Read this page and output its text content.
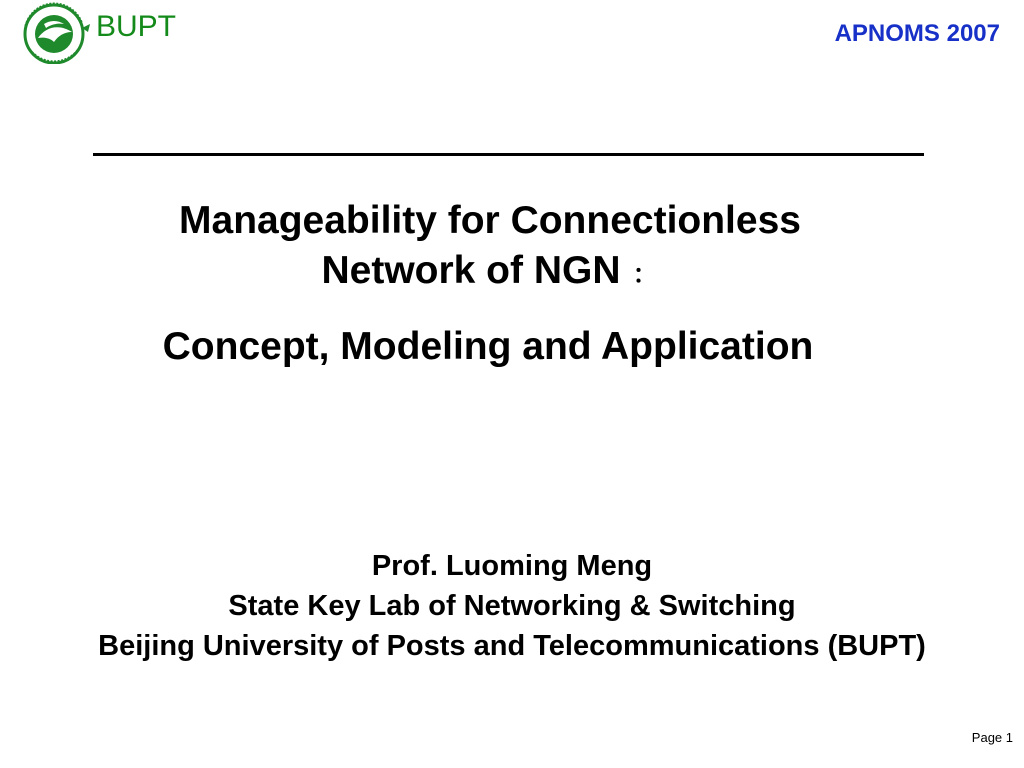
BUPT	APNOMS 2007
Manageability for Connectionless
Network of NGN ：
Concept, Modeling and Application
Prof. Luoming Meng
State Key Lab of Networking & Switching
Beijing University of Posts and Telecommunications (BUPT)
Page 1
